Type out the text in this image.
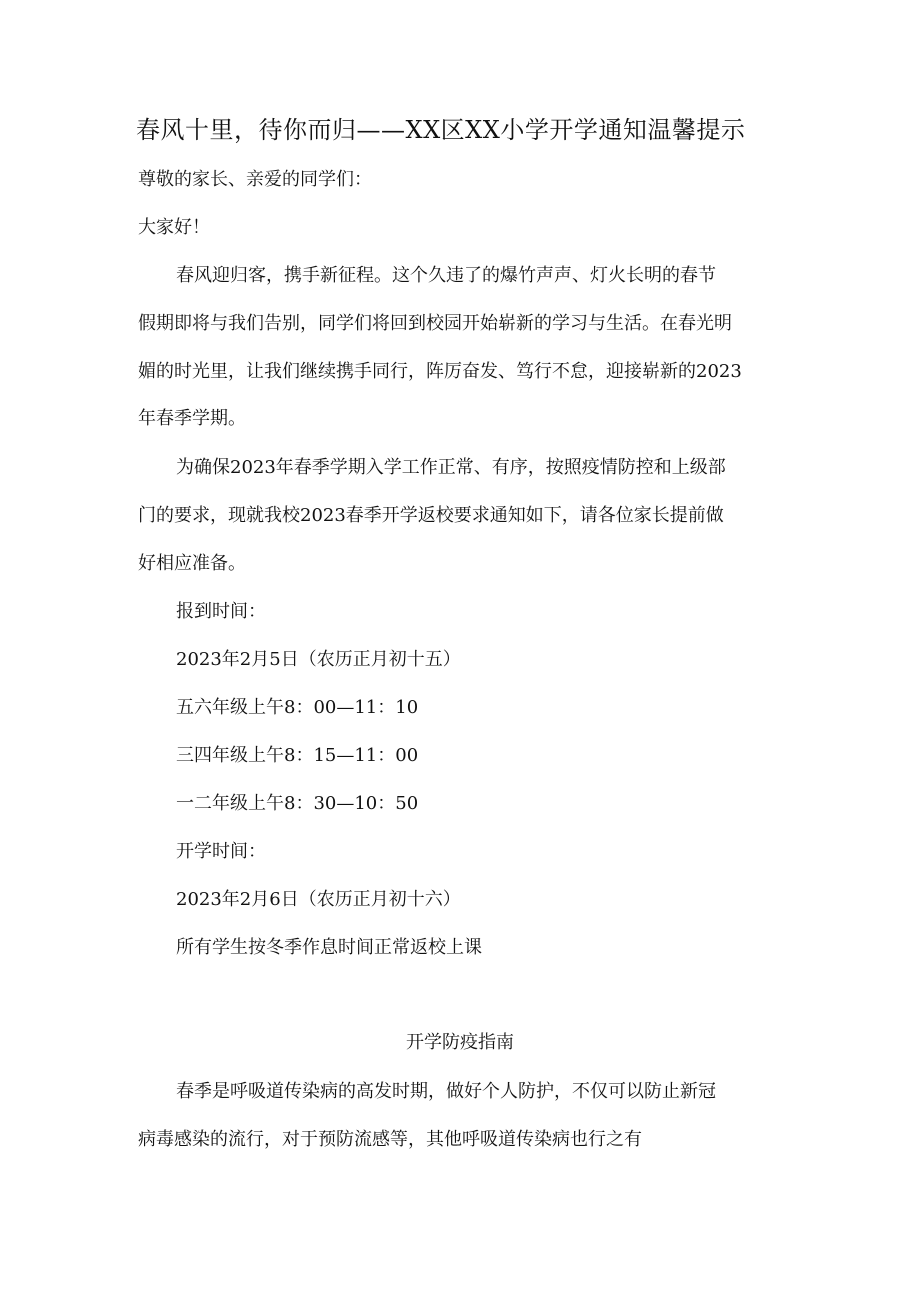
春风十里，待你而归——XX区XX小学开学通知温馨提示
尊敬的家长、亲爱的同学们：
大家好！
春风迎归客，携手新征程。这个久违了的爆竹声声、灯火长明的春节
假期即将与我们告别，同学们将回到校园开始崭新的学习与生活。在春光明
媚的时光里，让我们继续携手同行，阵厉奋发、笃行不怠，迎接崭新的2023
年春季学期。
为确保2023年春季学期入学工作正常、有序，按照疫情防控和上级部
门的要求，现就我校2023春季开学返校要求通知如下，请各位家长提前做
好相应准备。
报到时间：
2023年2月5日（农历正月初十五）
五六年级上午8：00—11：10
三四年级上午8：15—11：00
一二年级上午8：30—10：50
开学时间：
2023年2月6日（农历正月初十六）
所有学生按冬季作息时间正常返校上课
开学防疫指南
春季是呼吸道传染病的高发时期，做好个人防护，不仅可以防止新冠
病毒感染的流行，对于预防流感等，其他呼吸道传染病也行之有
